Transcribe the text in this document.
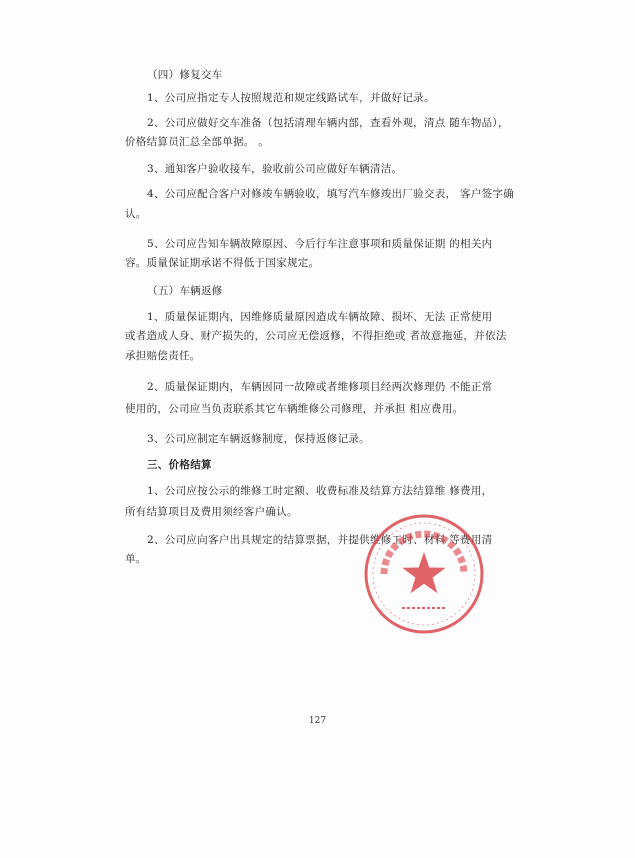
（四）修复交车
1、公司应指定专人按照规范和规定线路试车，并做好记录。
2、公司应做好交车准备（包括清理车辆内部，查看外观，清点 随车物品），
价格结算员汇总全部单据。 。
3、通知客户验收接车，验收前公司应做好车辆清洁。
4、公司应配合客户对修竣车辆验收，填写汽车修竣出厂验交表， 客户签字确
认。
5、公司应告知车辆故障原因、今后行车注意事项和质量保证期 的相关内
容。质量保证期承诺不得低于国家规定。
（五）车辆返修
1、质量保证期内，因维修质量原因造成车辆故障、损坏、无法 正常使用
或者造成人身、财产损失的，公司应无偿返修，不得拒绝或 者故意拖延，并依法
承担赔偿责任。
2、质量保证期内，车辆因同一故障或者维修项目经两次修理仍 不能正常
使用的，公司应当负责联系其它车辆维修公司修理，并承担 相应费用。
3、公司应制定车辆返修制度，保持返修记录。
三、价格结算
1、公司应按公示的维修工时定额、收费标准及结算方法结算维 修费用，
所有结算项目及费用须经客户确认。
2、公司应向客户出具规定的结算票据，并提供维修工时、材料 等费用清
单。
127
